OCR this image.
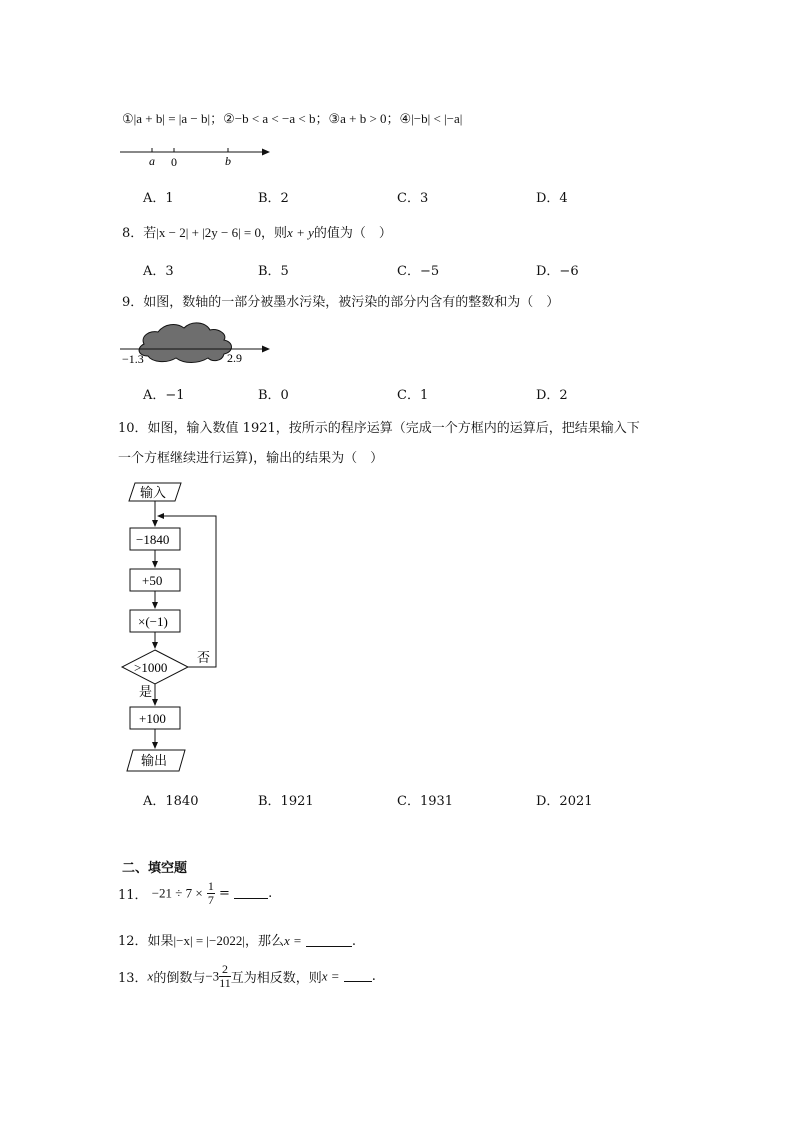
①|a + b| = |a − b|；②−b < a < −a < b；③a + b > 0；④|−b| < |−a|
a 0	b
A．1	B．2	C．3	D．4
8．若|x − 2| + |2y − 6| = 0，则x + y的值为（　）
A．3	B．5	C．−5	D．−6
9．如图，数轴的一部分被墨水污染，被污染的部分内含有的整数和为（　）
−1.3	2.9
A．−1	B．0	C．1	D．2
10．如图，输入数值 1921，按所示的程序运算（完成一个方框内的运算后，把结果输入下
一个方框继续进行运算)，输出的结果为（　）
输入
−1840
+50
×(−1)
>1000
否
是
+100
输出
A．1840	B．1921	C．1931	D．2021
二、填空题
11． $-21 \div 7 \times \frac{1}{7}$ =	.
12．如果|−x| = |−2022|，那么x =	.
13．x的倒数与$-3 \frac{2}{11}$ 互为相反数，则x = .
